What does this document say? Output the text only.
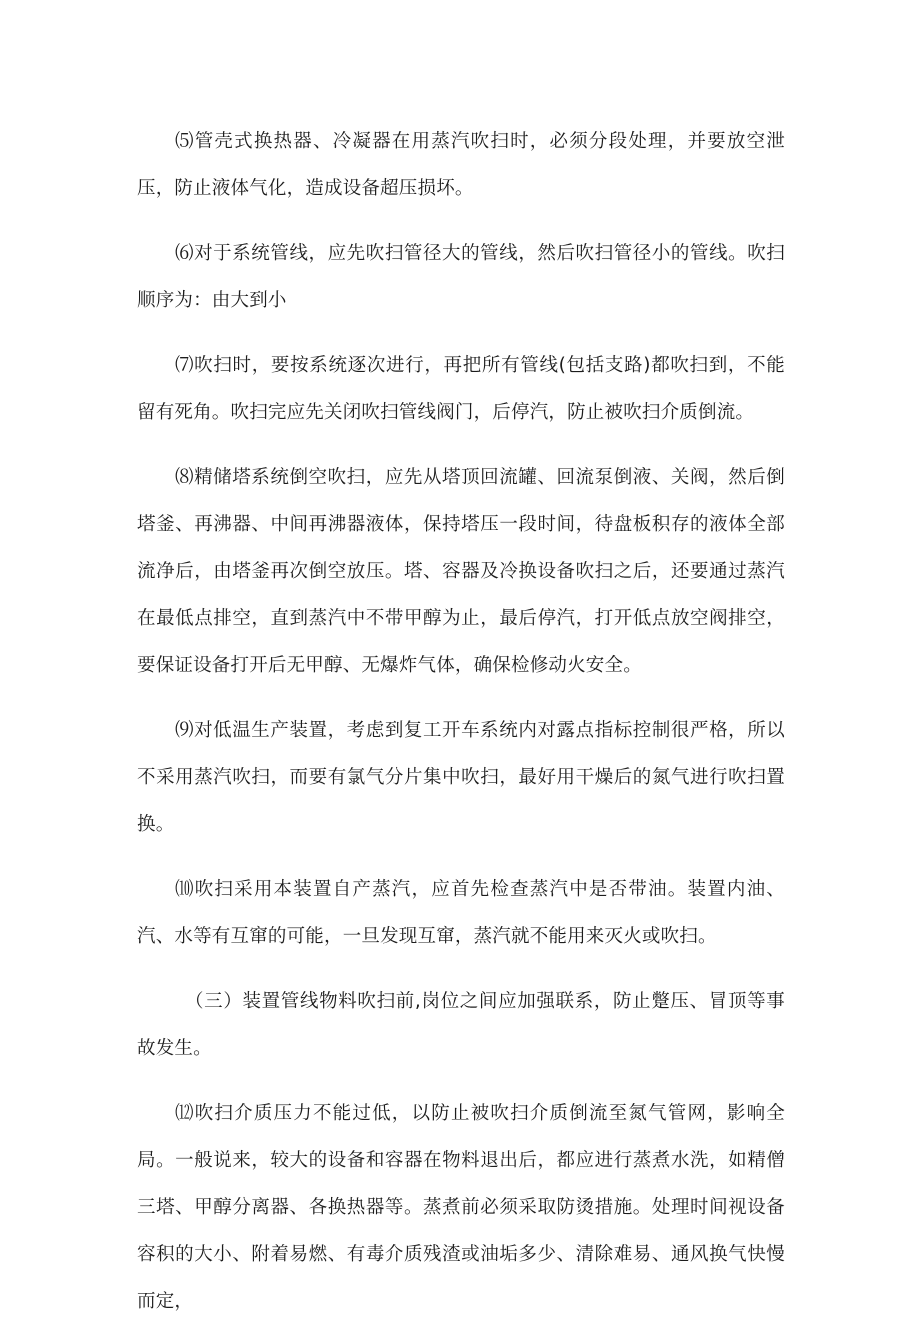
⑸管壳式换热器、冷凝器在用蒸汽吹扫时，必须分段处理，并要放空泄压，防止液体气化，造成设备超压损坏。

⑹对于系统管线，应先吹扫管径大的管线，然后吹扫管径小的管线。吹扫顺序为：由大到小

⑺吹扫时，要按系统逐次进行，再把所有管线(包括支路)都吹扫到，不能留有死角。吹扫完应先关闭吹扫管线阀门，后停汽，防止被吹扫介质倒流。

⑻精储塔系统倒空吹扫，应先从塔顶回流罐、回流泵倒液、关阀，然后倒塔釜、再沸器、中间再沸器液体，保持塔压一段时间，待盘板积存的液体全部流净后，由塔釜再次倒空放压。塔、容器及冷换设备吹扫之后，还要通过蒸汽在最低点排空，直到蒸汽中不带甲醇为止，最后停汽，打开低点放空阀排空，要保证设备打开后无甲醇、无爆炸气体，确保检修动火安全。

⑼对低温生产装置，考虑到复工开车系统内对露点指标控制很严格，所以不采用蒸汽吹扫，而要有氯气分片集中吹扫，最好用干燥后的氮气进行吹扫置换。

⑽吹扫采用本装置自产蒸汽，应首先检查蒸汽中是否带油。装置内油、汽、水等有互窜的可能，一旦发现互窜，蒸汽就不能用来灭火或吹扫。

（三）装置管线物料吹扫前,岗位之间应加强联系，防止蹩压、冒顶等事故发生。

⑿吹扫介质压力不能过低，以防止被吹扫介质倒流至氮气管网，影响全局。一般说来，较大的设备和容器在物料退出后，都应进行蒸煮水洗，如精僧三塔、甲醇分离器、各换热器等。蒸煮前必须采取防烫措施。处理时间视设备容积的大小、附着易燃、有毒介质残渣或油垢多少、清除难易、通风换气快慢而定，
